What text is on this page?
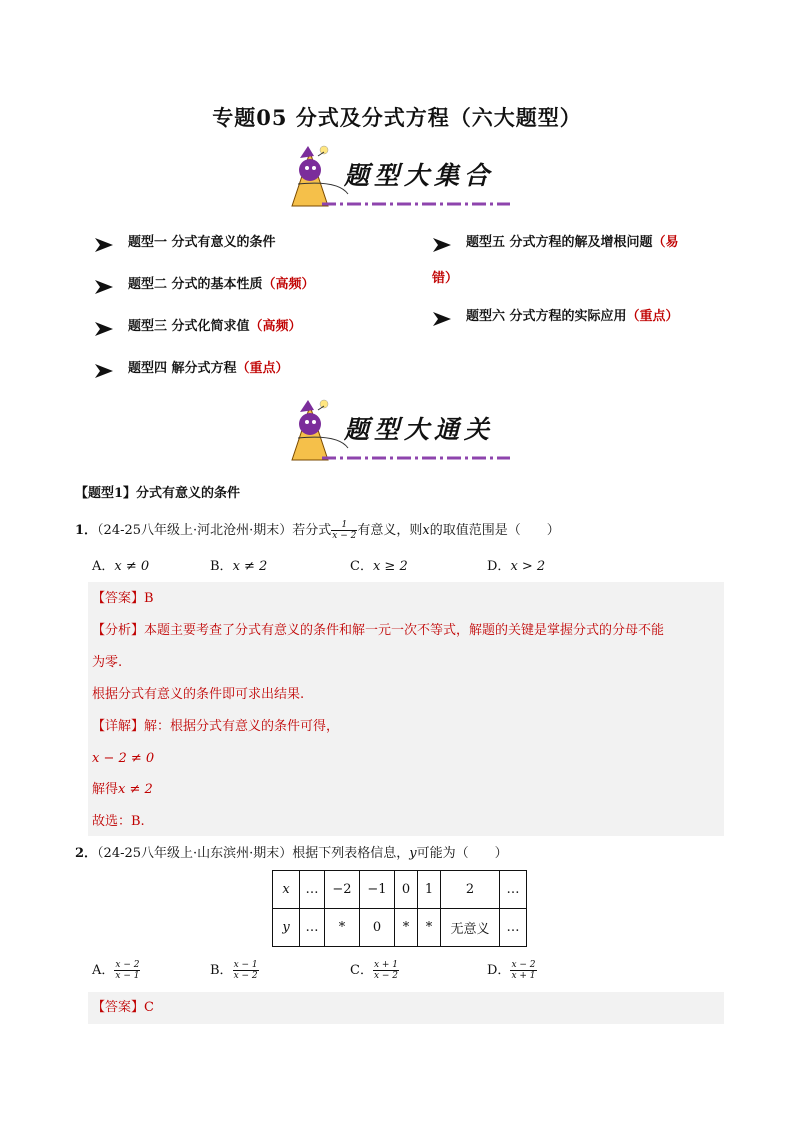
专题05 分式及分式方程（六大题型）
题型大集合
题型一 分式有意义的条件
题型二 分式的基本性质 （高频）
题型三 分式化简求值 （高频）
题型四 解分式方程 （重点）
题型五 分式方程的解及增根问题（易
错）
题型六 分式方程的实际应用 （重点）
题型大通关
【题型1】分式有意义的条件
1．（24-25八年级上·河北沧州·期末）若分式 $\frac{1}{x - 2}$ 有意义，则x的取值范围是（　　）
A．x ≠ 0	B．x ≠ 2	C．x ≥ 2	D．x > 2
【答案】B
【分析】本题主要考查了分式有意义的条件和解一元一次不等式，解题的关键是掌握分式的分母不能
为零.
根据分式有意义的条件即可求出结果.
【详解】解：根据分式有意义的条件可得，
x − 2 ≠ 0
解得x ≠ 2
故选：B.
2．（24-25八年级上·山东滨州·期末）根据下列表格信息，y可能为（　　）
x	…	−2	−1	0	1	2	…
y	…	*	0	*	*	无意义	…
A． $\frac{x - 2}{x - 1}$	B． $\frac{x - 1}{x - 2}$	C． $\frac{x + 1}{x - 2}$	D． $\frac{x - 2}{x + 1}$
【答案】C
